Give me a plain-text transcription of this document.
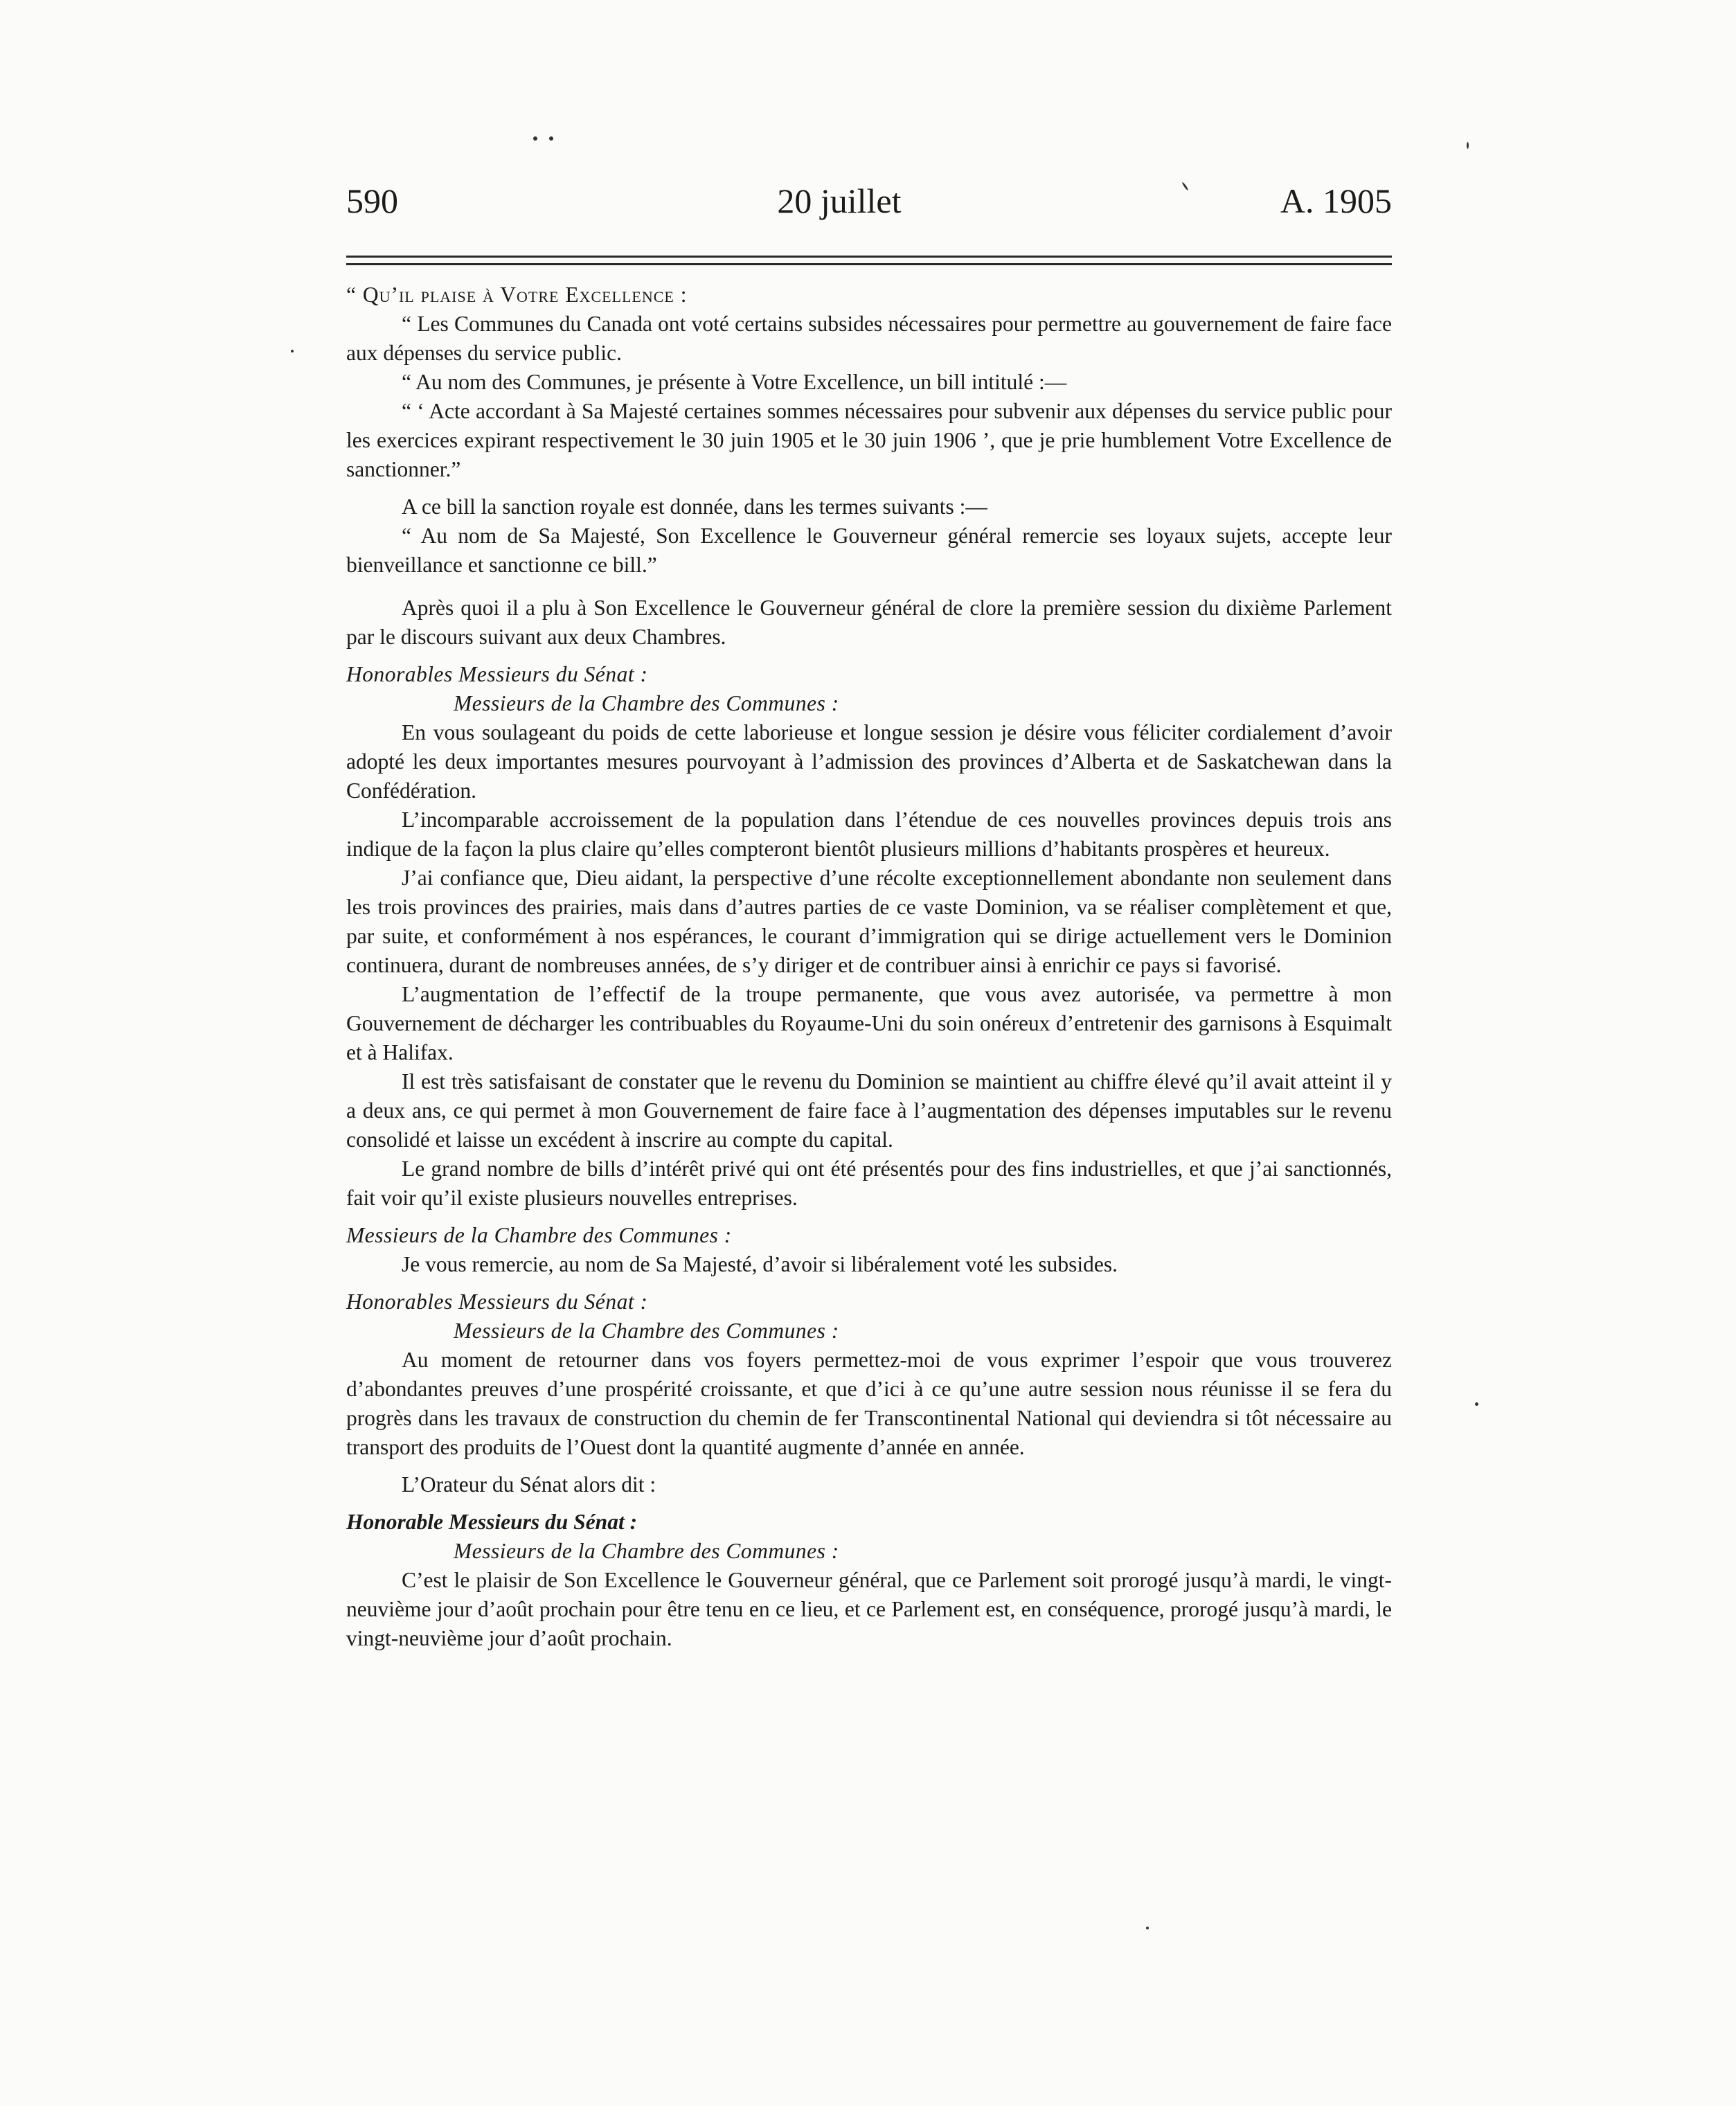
590	20 juillet	A. 1905

“ Qu’il plaise à Votre Excellence :

“ Les Communes du Canada ont voté certains subsides nécessaires pour permettre au gouvernement de faire face aux dépenses du service public.

“ Au nom des Communes, je présente à Votre Excellence, un bill intitulé :—

“ ‘ Acte accordant à Sa Majesté certaines sommes nécessaires pour subvenir aux dépenses du service public pour les exercices expirant respectivement le 30 juin 1905 et le 30 juin 1906 ’, que je prie humblement Votre Excellence de sanctionner.”

A ce bill la sanction royale est donnée, dans les termes suivants :—

“ Au nom de Sa Majesté, Son Excellence le Gouverneur général remercie ses loyaux sujets, accepte leur bienveillance et sanctionne ce bill.”

Après quoi il a plu à Son Excellence le Gouverneur général de clore la première session du dixième Parlement par le discours suivant aux deux Chambres.

Honorables Messieurs du Sénat :

Messieurs de la Chambre des Communes :

En vous soulageant du poids de cette laborieuse et longue session je désire vous féliciter cordialement d’avoir adopté les deux importantes mesures pourvoyant à l’admission des provinces d’Alberta et de Saskatchewan dans la Confédération.

L’incomparable accroissement de la population dans l’étendue de ces nouvelles provinces depuis trois ans indique de la façon la plus claire qu’elles compteront bientôt plusieurs millions d’habitants prospères et heureux.

J’ai confiance que, Dieu aidant, la perspective d’une récolte exceptionnellement abondante non seulement dans les trois provinces des prairies, mais dans d’autres parties de ce vaste Dominion, va se réaliser complètement et que, par suite, et conformément à nos espérances, le courant d’immigration qui se dirige actuellement vers le Dominion continuera, durant de nombreuses années, de s’y diriger et de contribuer ainsi à enrichir ce pays si favorisé.

L’augmentation de l’effectif de la troupe permanente, que vous avez autorisée, va permettre à mon Gouvernement de décharger les contribuables du Royaume-Uni du soin onéreux d’entretenir des garnisons à Esquimalt et à Halifax.

Il est très satisfaisant de constater que le revenu du Dominion se maintient au chiffre élevé qu’il avait atteint il y a deux ans, ce qui permet à mon Gouvernement de faire face à l’augmentation des dépenses imputables sur le revenu consolidé et laisse un excédent à inscrire au compte du capital.

Le grand nombre de bills d’intérêt privé qui ont été présentés pour des fins industrielles, et que j’ai sanctionnés, fait voir qu’il existe plusieurs nouvelles entreprises.

Messieurs de la Chambre des Communes :

Je vous remercie, au nom de Sa Majesté, d’avoir si libéralement voté les subsides.

Honorables Messieurs du Sénat :

Messieurs de la Chambre des Communes :

Au moment de retourner dans vos foyers permettez-moi de vous exprimer l’espoir que vous trouverez d’abondantes preuves d’une prospérité croissante, et que d’ici à ce qu’une autre session nous réunisse il se fera du progrès dans les travaux de construction du chemin de fer Transcontinental National qui deviendra si tôt nécessaire au transport des produits de l’Ouest dont la quantité augmente d’année en année.

L’Orateur du Sénat alors dit :

Honorable Messieurs du Sénat :

Messieurs de la Chambre des Communes :

C’est le plaisir de Son Excellence le Gouverneur général, que ce Parlement soit prorogé jusqu’à mardi, le vingt-neuvième jour d’août prochain pour être tenu en ce lieu, et ce Parlement est, en conséquence, prorogé jusqu’à mardi, le vingt-neuvième jour d’août prochain.
